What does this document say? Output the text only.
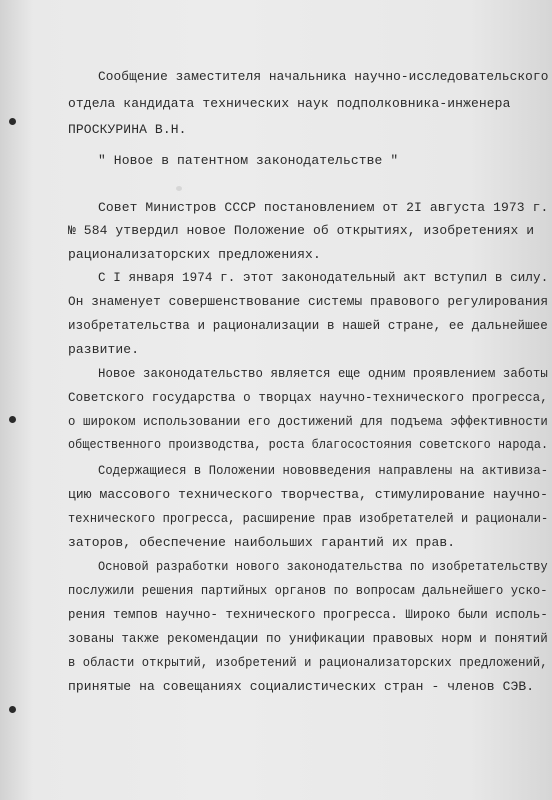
Сообщение заместителя начальника научно-исследовательского
отдела кандидата технических наук подполковника-инженера
ПРОСКУРИНА В.Н.
" Новое в патентном законодательстве "
Совет Министров СССР постановлением от 2I августа 1973 г.
№ 584 утвердил новое Положение об открытиях, изобретениях и
рационализаторских предложениях.
С I января 1974 г. этот законодательный акт вступил в силу.
Он знаменует совершенствование системы правового регулирования
изобретательства и рационализации в нашей стране, ее дальнейшее
развитие.
Новое законодательство является еще одним проявлением заботы
Советского государства о творцах научно-технического прогресса,
о широком использовании его достижений для подъема эффективности
общественного производства, роста благосостояния советского народа.
Содержащиеся в Положении нововведения направлены на активиза-
цию массового технического творчества, стимулирование научно-
технического прогресса, расширение прав изобретателей и рационали-
заторов, обеспечение наибольших гарантий их прав.
Основой разработки нового законодательства по изобретательству
послужили решения партийных органов по вопросам дальнейшего уско-
рения темпов научно- технического прогресса. Широко были исполь-
зованы также рекомендации по унификации правовых норм и понятий
в области открытий, изобретений и рационализаторских предложений,
принятые на совещаниях социалистических стран - членов СЭВ.
